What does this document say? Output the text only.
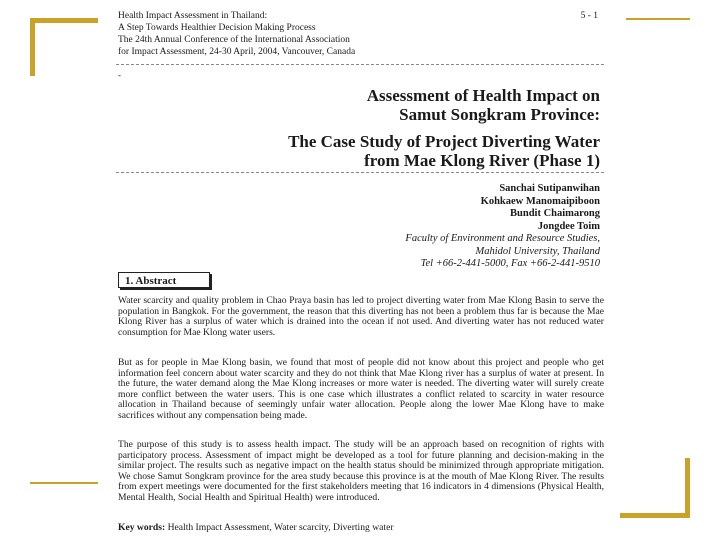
Health Impact Assessment in Thailand:
A Step Towards Healthier Decision Making Process
The 24th Annual Conference of the International Association
for Impact Assessment, 24-30 April, 2004, Vancouver, Canada
5 - 1
-
Assessment of Health Impact on
Samut Songkram Province:
The Case Study of Project Diverting Water
from Mae Klong River (Phase 1)
Sanchai Sutipanwihan
Kohkaew Manomaipiboon
Bundit Chaimarong
Jongdee Toim
Faculty of Environment and Resource Studies,
Mahidol University, Thailand
Tel +66-2-441-5000, Fax +66-2-441-9510
1. Abstract

Water scarcity and quality problem in Chao Praya basin has led to project diverting water from Mae Klong Basin to serve the population in Bangkok. For the government, the reason that this diverting has not been a problem thus far is because the Mae Klong River has a surplus of water which is drained into the ocean if not used. And diverting water has not reduced water consumption for Mae Klong water users.

But as for people in Mae Klong basin, we found that most of people did not know about this project and people who get information feel concern about water scarcity and they do not think that Mae Klong river has a surplus of water at present. In the future, the water demand along the Mae Klong increases or more water is needed. The diverting water will surely create more conflict between the water users. This is one case which illustrates a conflict related to scarcity in water resource allocation in Thailand because of seemingly unfair water allocation. People along the lower Mae Klong have to make sacrifices without any compensation being made.

The purpose of this study is to assess health impact. The study will be an approach based on recognition of rights with participatory process. Assessment of impact might be developed as a tool for future planning and decision-making in the similar project. The results such as negative impact on the health status should be minimized through appropriate mitigation. We chose Samut Songkram province for the area study because this province is at the mouth of Mae Klong River. The results from expert meetings were documented for the first stakeholders meeting that 16 indicators in 4 dimensions (Physical Health, Mental Health, Social Health and Spiritual Health) were introduced.

Key words: Health Impact Assessment, Water scarcity, Diverting water
